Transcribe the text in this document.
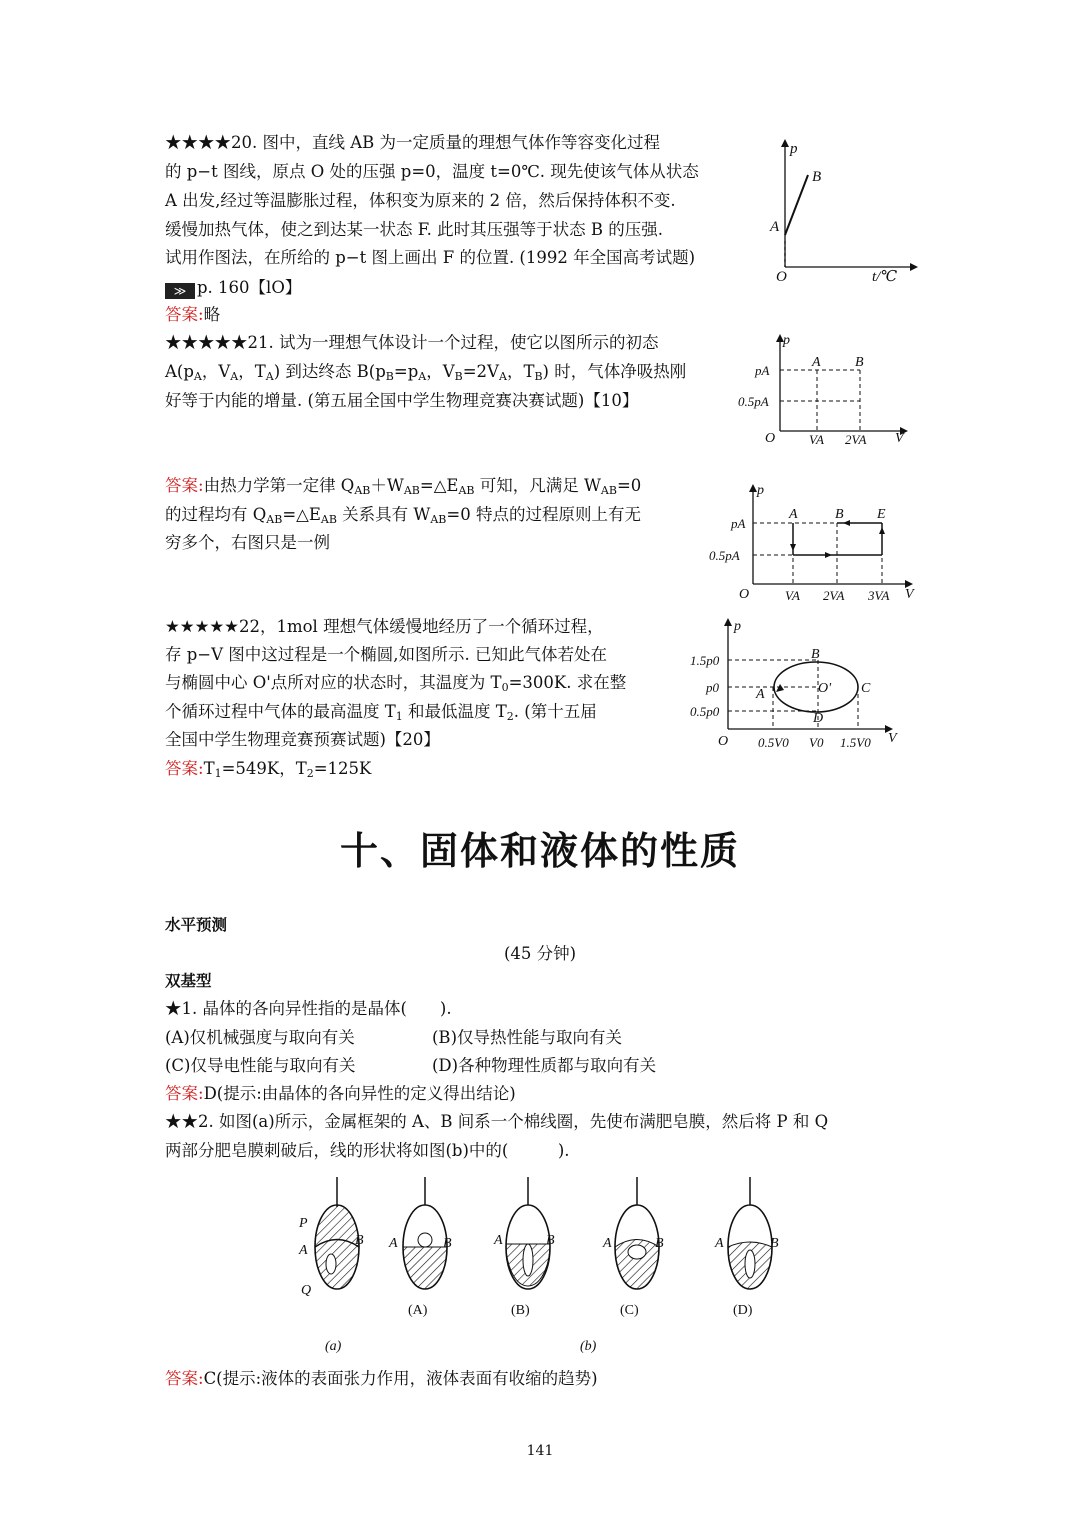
★★★★20. 图中，直线 AB 为一定质量的理想气体作等容变化过程
的 p−t 图线，原点 O 处的压强 p=0，温度 t=0℃. 现先使该气体从状态
A 出发,经过等温膨胀过程，体积变为原来的 2 倍，然后保持体积不变.
缓慢加热气体，使之到达某一状态 F. 此时其压强等于状态 B 的压强.
试用作图法，在所给的 p−t 图上画出 F 的位置. (1992 年全国高考试题)
≫ p. 160【lO】
答案:略
p
B
A
O	t/℃
★★★★★21. 试为一理想气体设计一个过程，使它以图所示的初态
$A(p_A$，$V_A$，$T_A$) 到达终态 $B(p_B=p_A$，$V_B=2V_A$，$T_B$) 时，气体净吸热刚
好等于内能的增量. (第五届全国中学生物理竞赛决赛试题)【10】
p
pA
0.5pA
A B
O	VA 2VA V
答案:由热力学第一定律 $Q_{AB}+W_{AB}=\triangle E_{AB}$ 可知，凡满足 $W_{AB}=0$
的过程均有 $Q_{AB}=\triangle E_{AB}$ 关系具有 $W_{AB}=0$ 特点的过程原则上有无
穷多个，右图只是一例
p
pA
0.5pA
A	B E
O	VA 2VA 3VA V
★★★★★22，1mol 理想气体缓慢地经历了一个循环过程，
存 p−V 图中这过程是一个椭圆,如图所示. 已知此气体若处在
与椭圆中心 O'点所对应的状态时，其温度为 $T_0=300K$. 求在整
个循环过程中气体的最高温度 $T_1$ 和最低温度 $T_2$. (第十五届
全国中学生物理竞赛预赛试题)【20】
答案$:T_1=549K$，$T_2=125K$
p
1.5p0
p0
0.5p0
B
A	C
D
O'
O 0.5V0 V0 1.5V0 V
十、固体和液体的性质
水平预测
(45 分钟)
双基型
★1. 晶体的各向异性指的是晶体(　　).
(A)仅机械强度与取向有关	(B)仅导热性能与取向有关
(C)仅导电性能与取向有关	(D)各种物理性质都与取向有关
答案:D(提示:由晶体的各向异性的定义得出结论)
★★2. 如图(a)所示，金属框架的 A、B 间系一个棉线圈，先使布满肥皂膜，然后将 P 和 Q
两部分肥皂膜刺破后，线的形状将如图(b)中的(　　　).
P
A
B
Q
(a)
A	B
(A)
A	B
(B)
A	B
(C)
A	B
(D)
(b)
答案:C(提示:液体的表面张力作用，液体表面有收缩的趋势)
141
